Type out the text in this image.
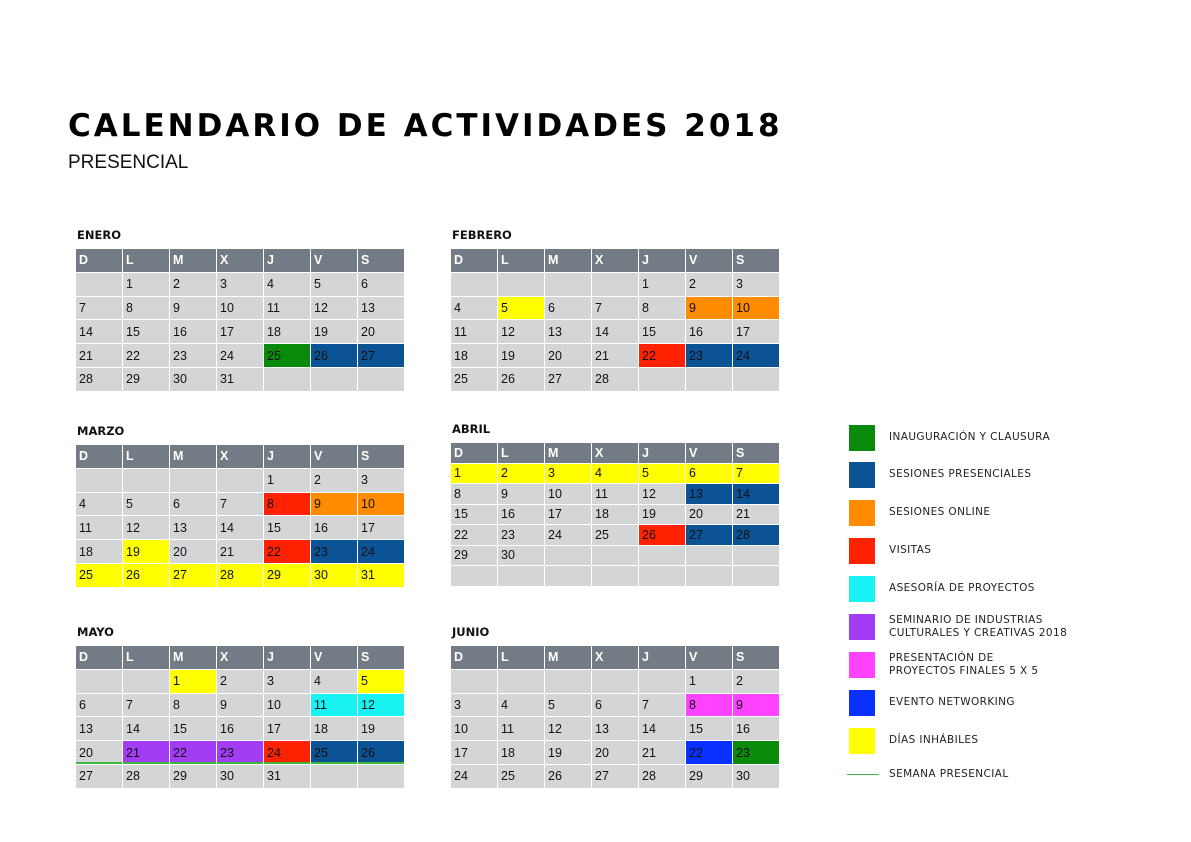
CALENDARIO DE ACTIVIDADES 2018
PRESENCIAL
ENERO
D	L	M	X	J	V	S
	1	2	3	4	5	6
7	8	9	10	11	12	13
14	15	16	17	18	19	20
21	22	23	24	25	26	27
28	29	30	31			
FEBRERO
D	L	M	X	J	V	S
				1	2	3
4	5	6	7	8	9	10
11	12	13	14	15	16	17
18	19	20	21	22	23	24
25	26	27	28			
MARZO
D	L	M	X	J	V	S
				1	2	3
4	5	6	7	8	9	10
11	12	13	14	15	16	17
18	19	20	21	22	23	24
25	26	27	28	29	30	31
ABRIL
D	L	M	X	J	V	S
1	2	3	4	5	6	7
8	9	10	11	12	13	14
15	16	17	18	19	20	21
22	23	24	25	26	27	28
29	30					

MAYO
D	L	M	X	J	V	S
		1	2	3	4	5
6	7	8	9	10	11	12
13	14	15	16	17	18	19
20	21	22	23	24	25	26
27	28	29	30	31		
JUNIO
D	L	M	X	J	V	S
					1	2
3	4	5	6	7	8	9
10	11	12	13	14	15	16
17	18	19	20	21	22	23
24	25	26	27	28	29	30
INAUGURACIÓN Y CLAUSURA
SESIONES PRESENCIALES
SESIONES ONLINE
VISITAS
ASESORÍA DE PROYECTOS
SEMINARIO DE INDUSTRIAS
CULTURALES Y CREATIVAS 2018
PRESENTACIÓN DE
PROYECTOS FINALES 5 X 5
EVENTO NETWORKING
DÍAS INHÁBILES
SEMANA PRESENCIAL
